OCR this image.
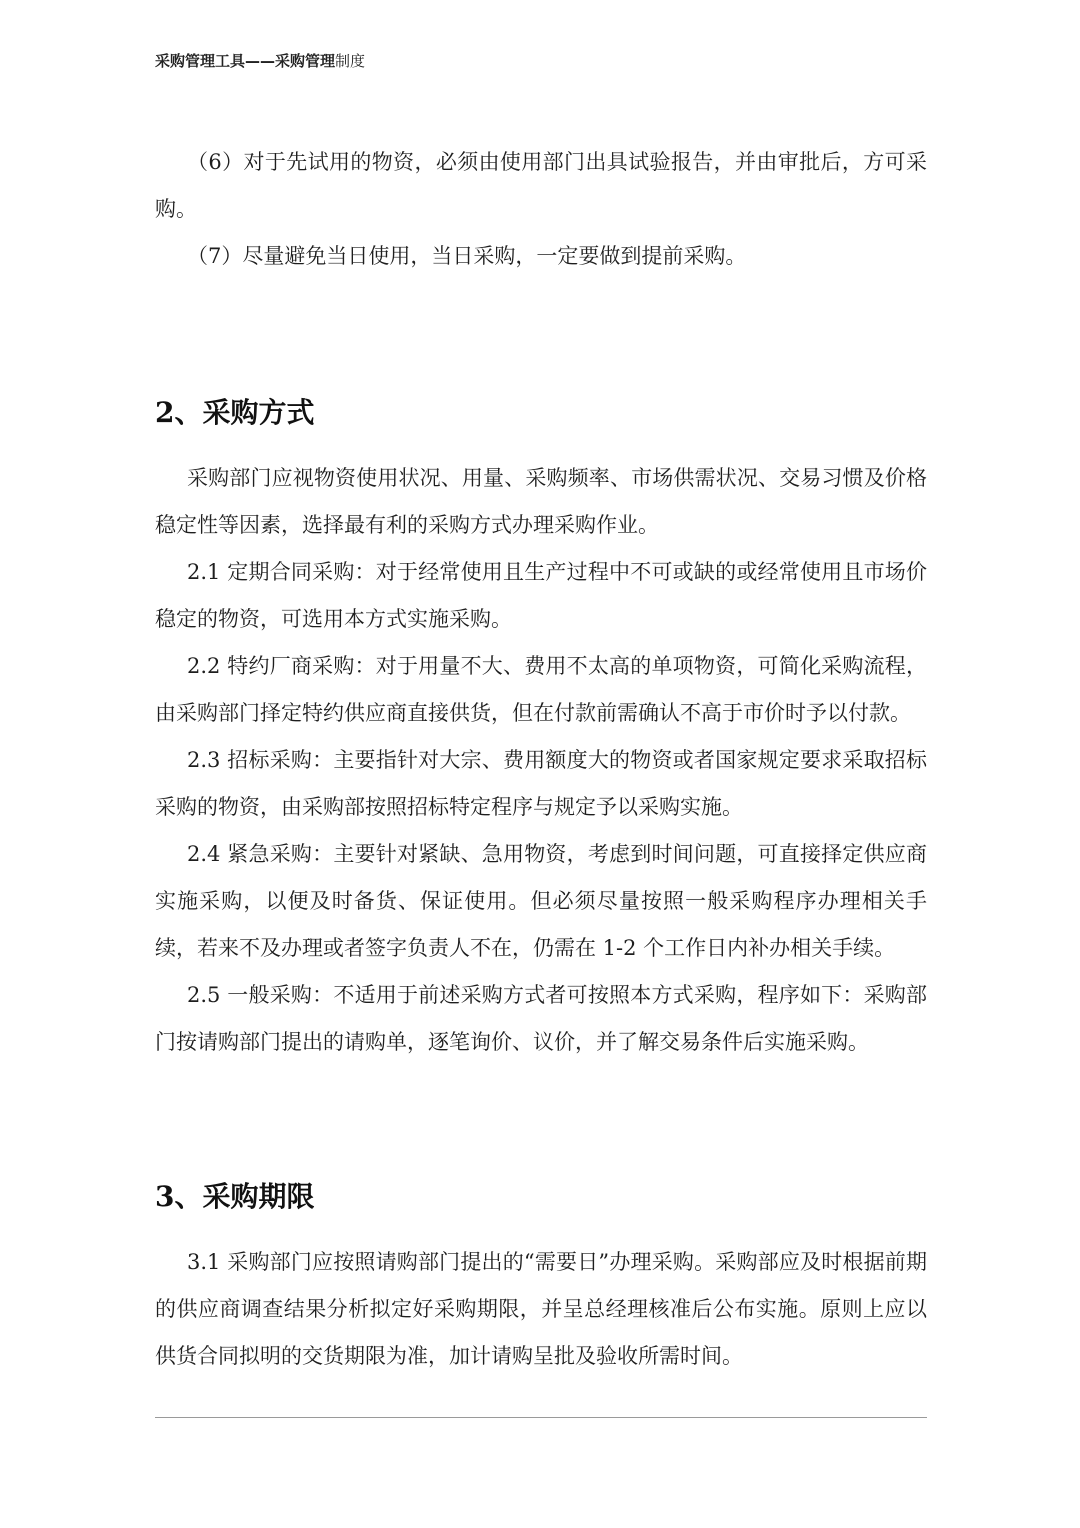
采购管理工具——采购管理制度

（6）对于先试用的物资，必须由使用部门出具试验报告，并由审批后，方可采购。

（7）尽量避免当日使用，当日采购，一定要做到提前采购。

2、采购方式

采购部门应视物资使用状况、用量、采购频率、市场供需状况、交易习惯及价格稳定性等因素，选择最有利的采购方式办理采购作业。

2.1 定期合同采购：对于经常使用且生产过程中不可或缺的或经常使用且市场价稳定的物资，可选用本方式实施采购。

2.2 特约厂商采购：对于用量不大、费用不太高的单项物资，可简化采购流程，由采购部门择定特约供应商直接供货，但在付款前需确认不高于市价时予以付款。

2.3 招标采购：主要指针对大宗、费用额度大的物资或者国家规定要求采取招标采购的物资，由采购部按照招标特定程序与规定予以采购实施。

2.4 紧急采购：主要针对紧缺、急用物资，考虑到时间问题，可直接择定供应商实施采购，以便及时备货、保证使用。但必须尽量按照一般采购程序办理相关手续，若来不及办理或者签字负责人不在，仍需在 1-2 个工作日内补办相关手续。

2.5 一般采购：不适用于前述采购方式者可按照本方式采购，程序如下：采购部门按请购部门提出的请购单，逐笔询价、议价，并了解交易条件后实施采购。

3、采购期限

3.1 采购部门应按照请购部门提出的“需要日”办理采购。采购部应及时根据前期的供应商调查结果分析拟定好采购期限，并呈总经理核准后公布实施。原则上应以供货合同拟明的交货期限为准，加计请购呈批及验收所需时间。
